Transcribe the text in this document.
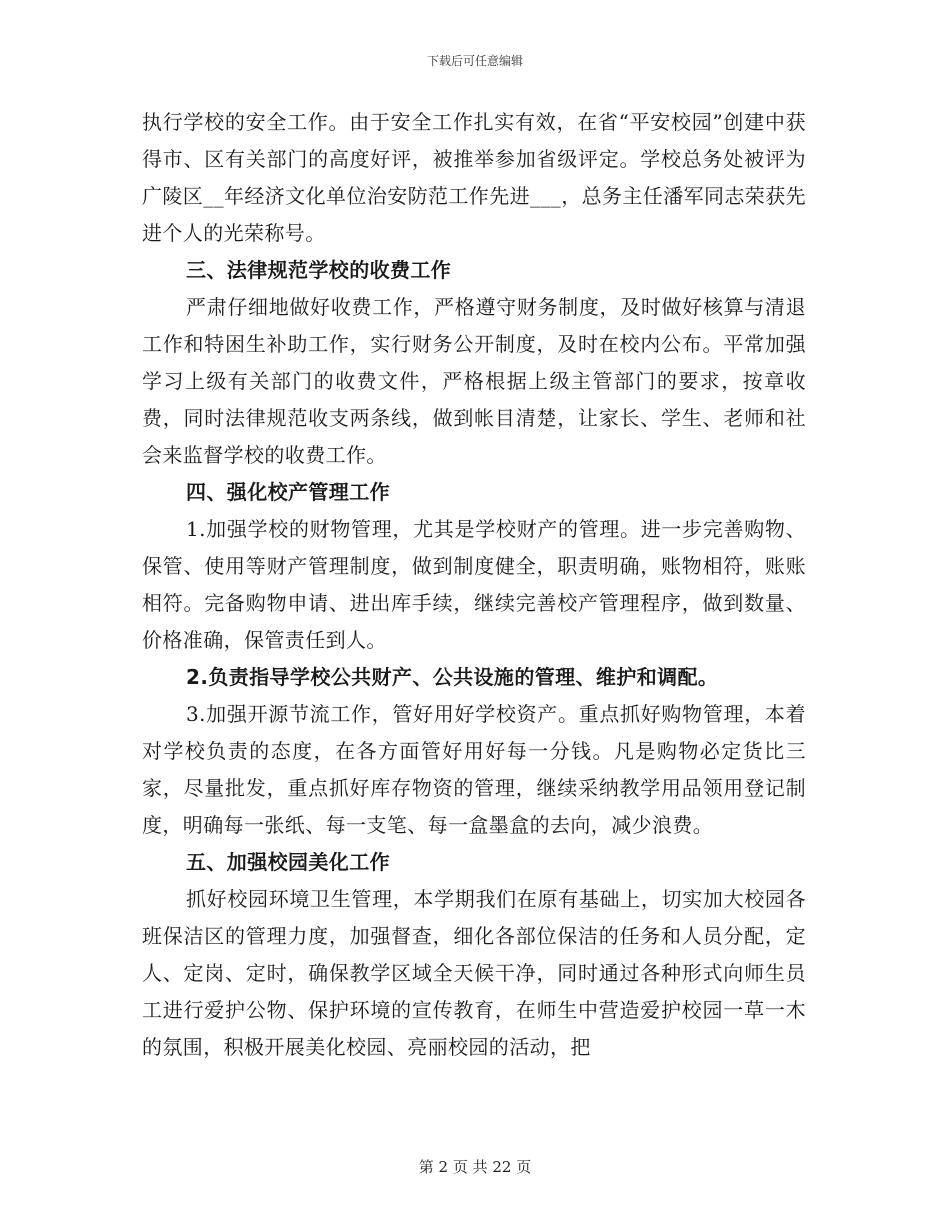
下载后可任意编辑

执行学校的安全工作。由于安全工作扎实有效，在省“平安校园”创建中获得市、区有关部门的高度好评，被推举参加省级评定。学校总务处被评为广陵区__年经济文化单位治安防范工作先进___，总务主任潘军同志荣获先进个人的光荣称号。

三、法律规范学校的收费工作

严肃仔细地做好收费工作，严格遵守财务制度，及时做好核算与清退工作和特困生补助工作，实行财务公开制度，及时在校内公布。平常加强学习上级有关部门的收费文件，严格根据上级主管部门的要求，按章收费，同时法律规范收支两条线，做到帐目清楚，让家长、学生、老师和社会来监督学校的收费工作。

四、强化校产管理工作

1.加强学校的财物管理，尤其是学校财产的管理。进一步完善购物、保管、使用等财产管理制度，做到制度健全，职责明确，账物相符，账账相符。完备购物申请、进出库手续，继续完善校产管理程序，做到数量、价格准确，保管责任到人。

2.负责指导学校公共财产、公共设施的管理、维护和调配。

3.加强开源节流工作，管好用好学校资产。重点抓好购物管理，本着对学校负责的态度，在各方面管好用好每一分钱。凡是购物必定货比三家，尽量批发，重点抓好库存物资的管理，继续采纳教学用品领用登记制度，明确每一张纸、每一支笔、每一盒墨盒的去向，减少浪费。

五、加强校园美化工作

抓好校园环境卫生管理，本学期我们在原有基础上，切实加大校园各班保洁区的管理力度，加强督查，细化各部位保洁的任务和人员分配，定人、定岗、定时，确保教学区域全天候干净，同时通过各种形式向师生员工进行爱护公物、保护环境的宣传教育，在师生中营造爱护校园一草一木的氛围，积极开展美化校园、亮丽校园的活动，把

第 2 页 共 22 页
